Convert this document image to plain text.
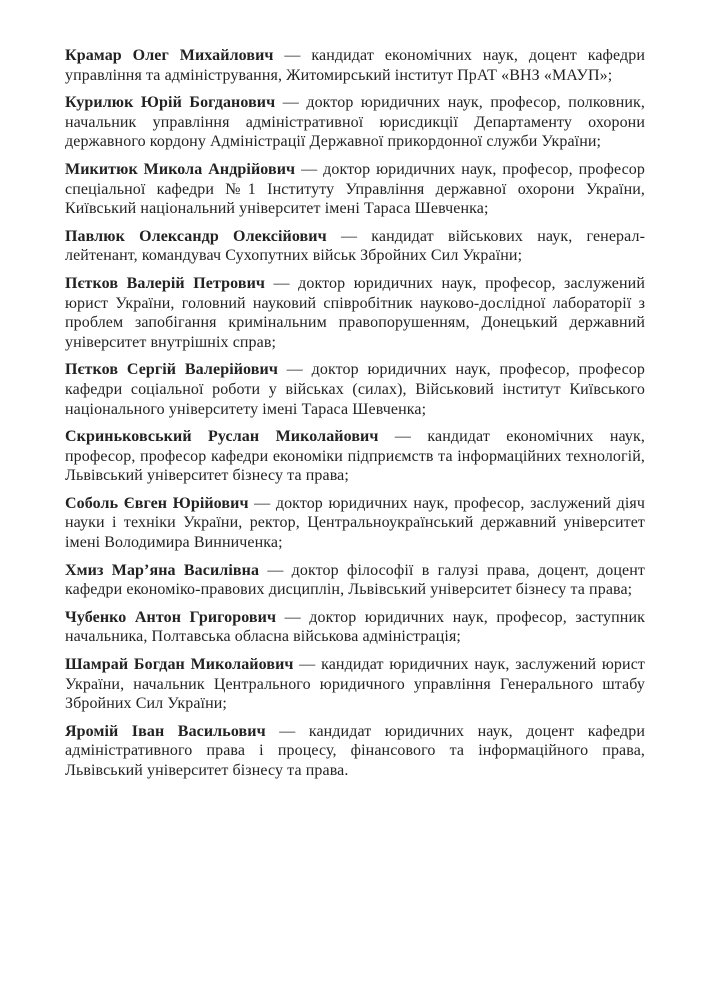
Крамар Олег Михайлович — кандидат економічних наук, доцент кафедри управління та адміністрування, Житомирський інститут ПрАТ «ВНЗ «МАУП»;

Курилюк Юрій Богданович — доктор юридичних наук, професор, полковник, начальник управління адміністративної юрисдикції Департаменту охорони державного кордону Адміністрації Державної прикордонної служби України;

Микитюк Микола Андрійович — доктор юридичних наук, професор, професор спеціальної кафедри №1 Інституту Управління державної охорони України, Київський національний університет імені Тараса Шевченка;

Павлюк Олександр Олексійович — кандидат військових наук, генерал-лейтенант, командувач Сухопутних військ Збройних Сил України;

Пєтков Валерій Петрович — доктор юридичних наук, професор, заслужений юрист України, головний науковий співробітник науково-дослідної лабораторії з проблем запобігання кримінальним правопорушенням, Донецький державний університет внутрішніх справ;

Пєтков Сергій Валерійович — доктор юридичних наук, професор, професор кафедри соціальної роботи у військах (силах), Військовий інститут Київського національного університету імені Тараса Шевченка;

Скриньковський Руслан Миколайович — кандидат економічних наук, професор, професор кафедри економіки підприємств та інформаційних технологій, Львівський університет бізнесу та права;

Соболь Євген Юрійович — доктор юридичних наук, професор, заслужений діяч науки і техніки України, ректор, Центральноукраїнський державний університет імені Володимира Винниченка;

Хмиз Мар’яна Василівна — доктор філософії в галузі права, доцент, доцент кафедри економіко-правових дисциплін, Львівський університет бізнесу та права;

Чубенко Антон Григорович — доктор юридичних наук, професор, заступник начальника, Полтавська обласна військова адміністрація;

Шамрай Богдан Миколайович — кандидат юридичних наук, заслужений юрист України, начальник Центрального юридичного управління Генерального штабу Збройних Сил України;

Яромій Іван Васильович — кандидат юридичних наук, доцент кафедри адміністративного права і процесу, фінансового та інформаційного права, Львівський університет бізнесу та права.
